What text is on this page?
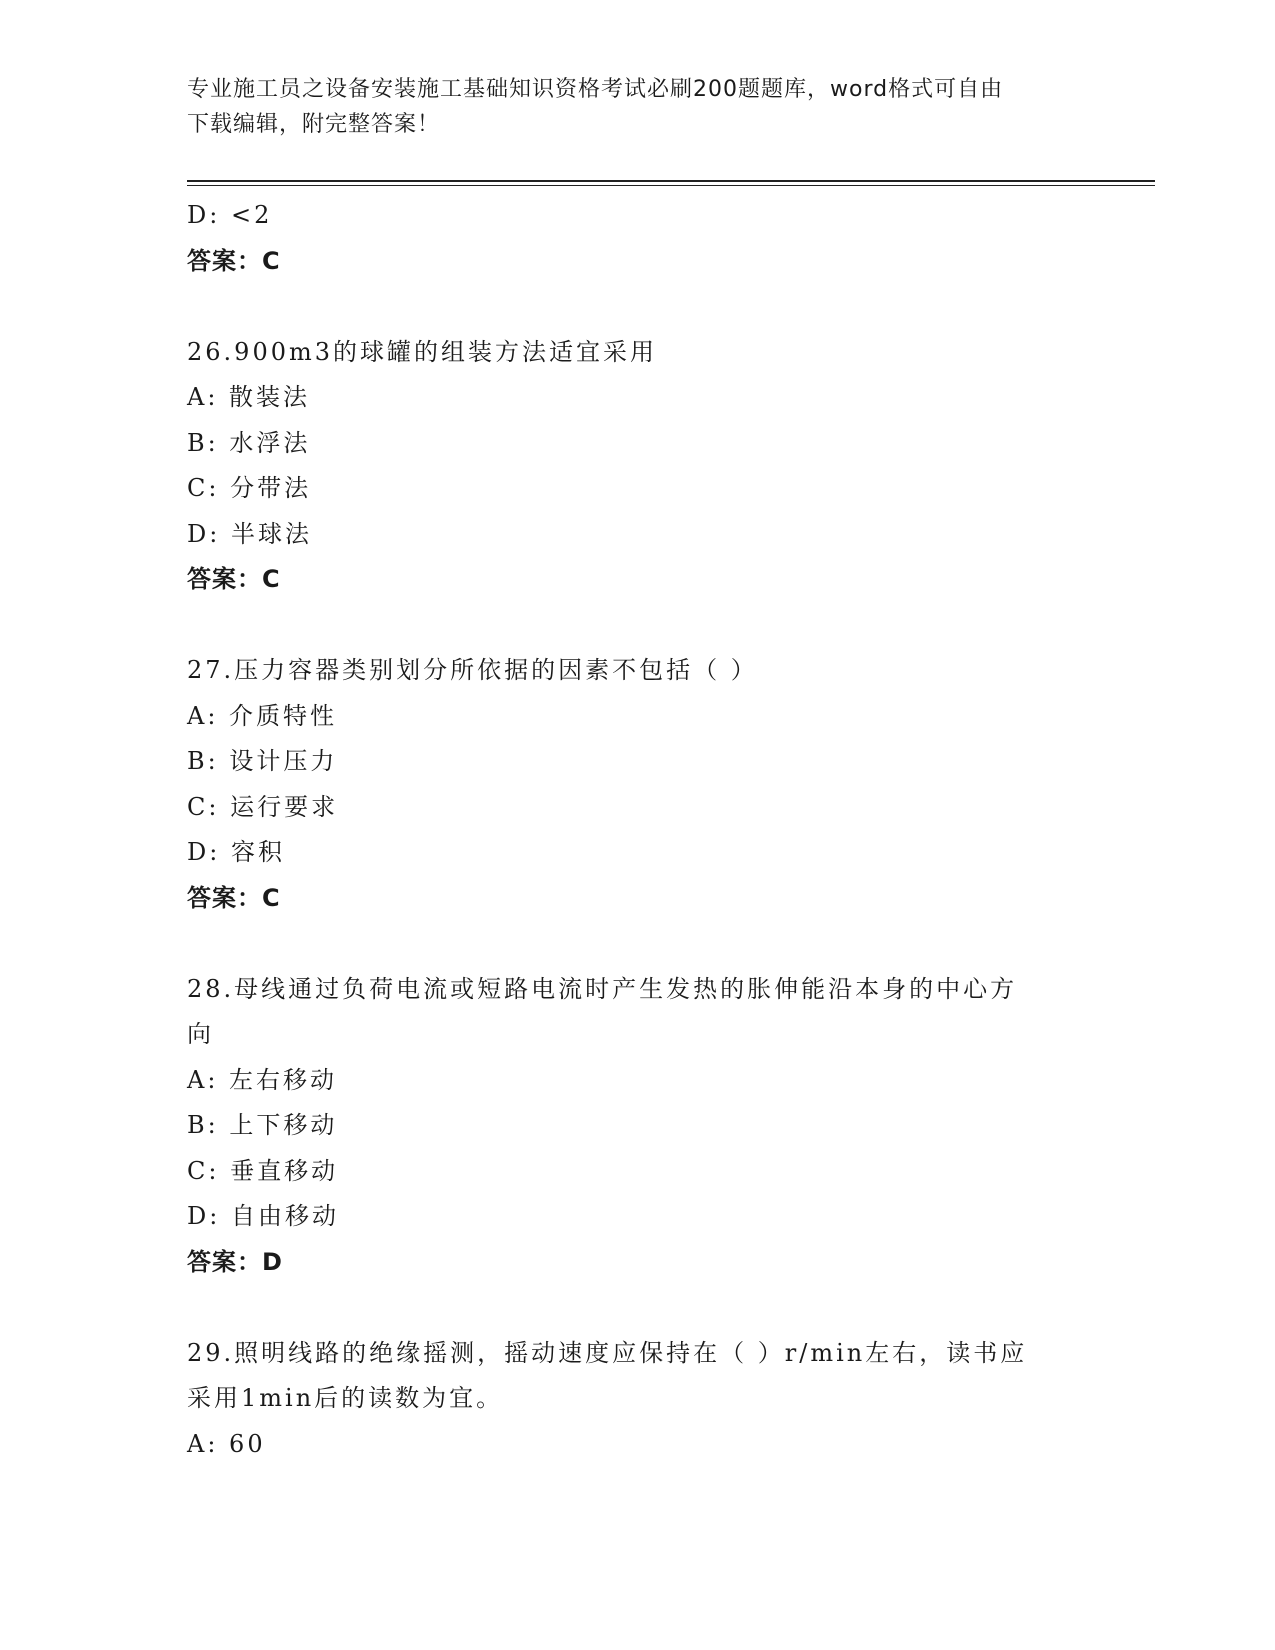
专业施工员之设备安装施工基础知识资格考试必刷200题题库，word格式可自由
下载编辑，附完整答案！
D: <2
答案：C
26.900m3的球罐的组装方法适宜采用
A: 散装法
B: 水浮法
C: 分带法
D: 半球法
答案：C
27.压力容器类别划分所依据的因素不包括（ ）
A: 介质特性
B: 设计压力
C: 运行要求
D: 容积
答案：C
28.母线通过负荷电流或短路电流时产生发热的胀伸能沿本身的中心方
向
A: 左右移动
B: 上下移动
C: 垂直移动
D: 自由移动
答案：D
29.照明线路的绝缘摇测，摇动速度应保持在（ ）r/min左右，读书应
采用1min后的读数为宜。
A: 60
